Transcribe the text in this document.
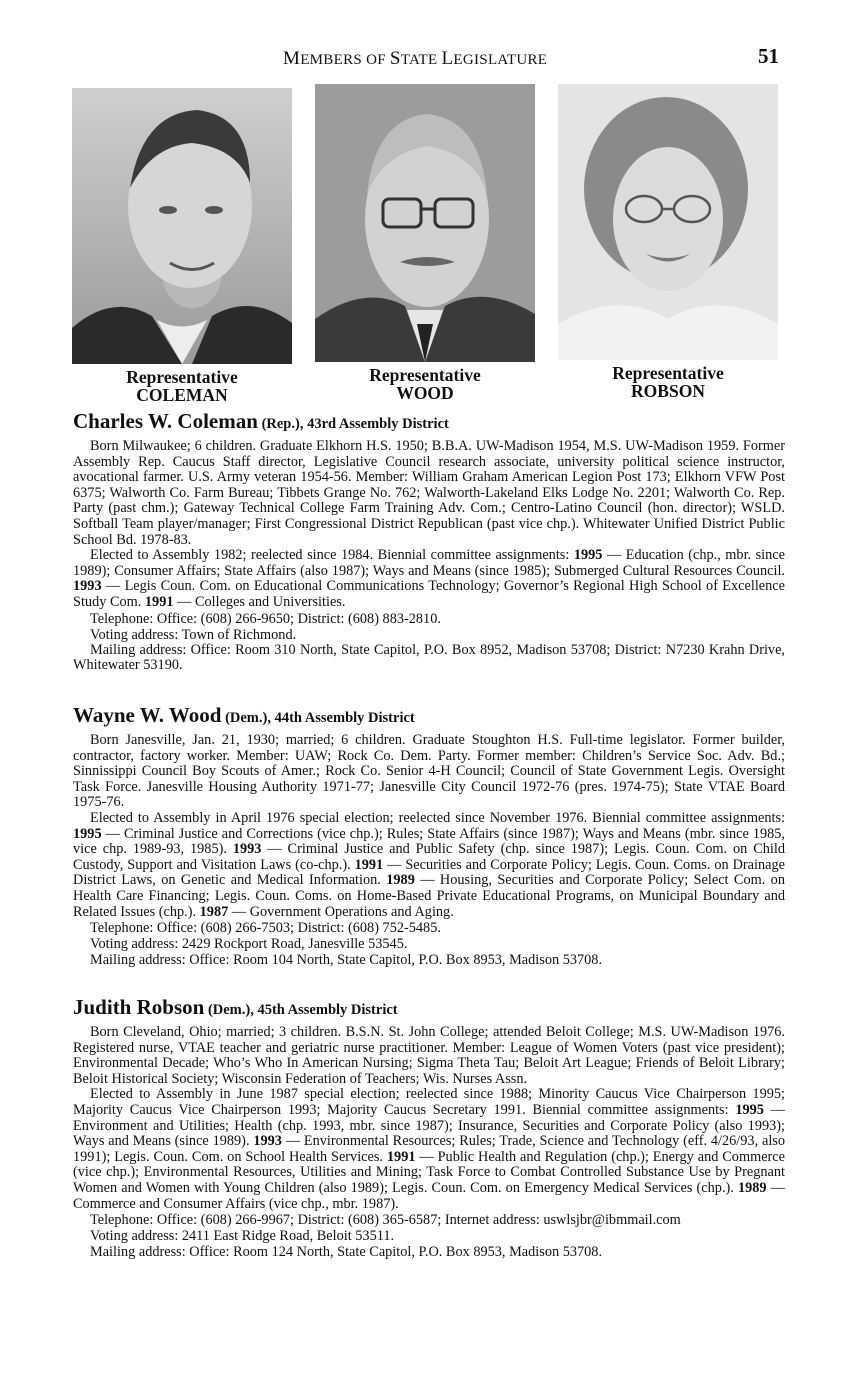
MEMBERS OF STATE LEGISLATURE	51
Representative
COLEMAN
Representative
WOOD
Representative
ROBSON
Charles W. Coleman (Rep.), 43rd Assembly District

Born Milwaukee; 6 children. Graduate Elkhorn H.S. 1950; B.B.A. UW-Madison 1954, M.S. UW-Madison 1959. Former Assembly Rep. Caucus Staff director, Legislative Council research associate, university political science instructor, avocational farmer. U.S. Army veteran 1954-56. Member: William Graham American Legion Post 173; Elkhorn VFW Post 6375; Walworth Co. Farm Bureau; Tibbets Grange No. 762; Walworth-Lakeland Elks Lodge No. 2201; Walworth Co. Rep. Party (past chm.); Gateway Technical College Farm Training Adv. Com.; Centro-Latino Council (hon. director); WSLD. Softball Team player/manager; First Congressional District Republican (past vice chp.). Whitewater Unified District Public School Bd. 1978-83.

Elected to Assembly 1982; reelected since 1984. Biennial committee assignments: 1995 — Education (chp., mbr. since 1989); Consumer Affairs; State Affairs (also 1987); Ways and Means (since 1985); Submerged Cultural Resources Council. 1993 — Legis Coun. Com. on Educational Communications Technology; Governor’s Regional High School of Excellence Study Com. 1991 — Colleges and Universities.

Telephone: Office: (608) 266-9650; District: (608) 883-2810.

Voting address: Town of Richmond.

Mailing address: Office: Room 310 North, State Capitol, P.O. Box 8952, Madison 53708; District: N7230 Krahn Drive, Whitewater 53190.

Wayne W. Wood (Dem.), 44th Assembly District

Born Janesville, Jan. 21, 1930; married; 6 children. Graduate Stoughton H.S. Full-time legislator. Former builder, contractor, factory worker. Member: UAW; Rock Co. Dem. Party. Former member: Children’s Service Soc. Adv. Bd.; Sinnissippi Council Boy Scouts of Amer.; Rock Co. Senior 4-H Council; Council of State Government Legis. Oversight Task Force. Janesville Housing Authority 1971-77; Janesville City Council 1972-76 (pres. 1974-75); State VTAE Board 1975-76.

Elected to Assembly in April 1976 special election; reelected since November 1976. Biennial committee assignments: 1995 — Criminal Justice and Corrections (vice chp.); Rules; State Affairs (since 1987); Ways and Means (mbr. since 1985, vice chp. 1989-93, 1985). 1993 — Criminal Justice and Public Safety (chp. since 1987); Legis. Coun. Com. on Child Custody, Support and Visitation Laws (co-chp.). 1991 — Securities and Corporate Policy; Legis. Coun. Coms. on Drainage District Laws, on Genetic and Medical Information. 1989 — Housing, Securities and Corporate Policy; Select Com. on Health Care Financing; Legis. Coun. Coms. on Home-Based Private Educational Programs, on Municipal Boundary and Related Issues (chp.). 1987 — Government Operations and Aging.

Telephone: Office: (608) 266-7503; District: (608) 752-5485.

Voting address: 2429 Rockport Road, Janesville 53545.

Mailing address: Office: Room 104 North, State Capitol, P.O. Box 8953, Madison 53708.

Judith Robson (Dem.), 45th Assembly District

Born Cleveland, Ohio; married; 3 children. B.S.N. St. John College; attended Beloit College; M.S. UW-Madison 1976. Registered nurse, VTAE teacher and geriatric nurse practitioner. Member: League of Women Voters (past vice president); Environmental Decade; Who’s Who In American Nursing; Sigma Theta Tau; Beloit Art League; Friends of Beloit Library; Beloit Historical Society; Wisconsin Federation of Teachers; Wis. Nurses Assn.

Elected to Assembly in June 1987 special election; reelected since 1988; Minority Caucus Vice Chairperson 1995; Majority Caucus Vice Chairperson 1993; Majority Caucus Secretary 1991. Biennial committee assignments: 1995 — Environment and Utilities; Health (chp. 1993, mbr. since 1987); Insurance, Securities and Corporate Policy (also 1993); Ways and Means (since 1989). 1993 — Environmental Resources; Rules; Trade, Science and Technology (eff. 4/26/93, also 1991); Legis. Coun. Com. on School Health Services. 1991 — Public Health and Regulation (chp.); Energy and Commerce (vice chp.); Environmental Resources, Utilities and Mining; Task Force to Combat Controlled Substance Use by Pregnant Women and Women with Young Children (also 1989); Legis. Coun. Com. on Emergency Medical Services (chp.). 1989 — Commerce and Consumer Affairs (vice chp., mbr. 1987).

Telephone: Office: (608) 266-9967; District: (608) 365-6587; Internet address: uswlsjbr@ibmmail.com

Voting address: 2411 East Ridge Road, Beloit 53511.

Mailing address: Office: Room 124 North, State Capitol, P.O. Box 8953, Madison 53708.
